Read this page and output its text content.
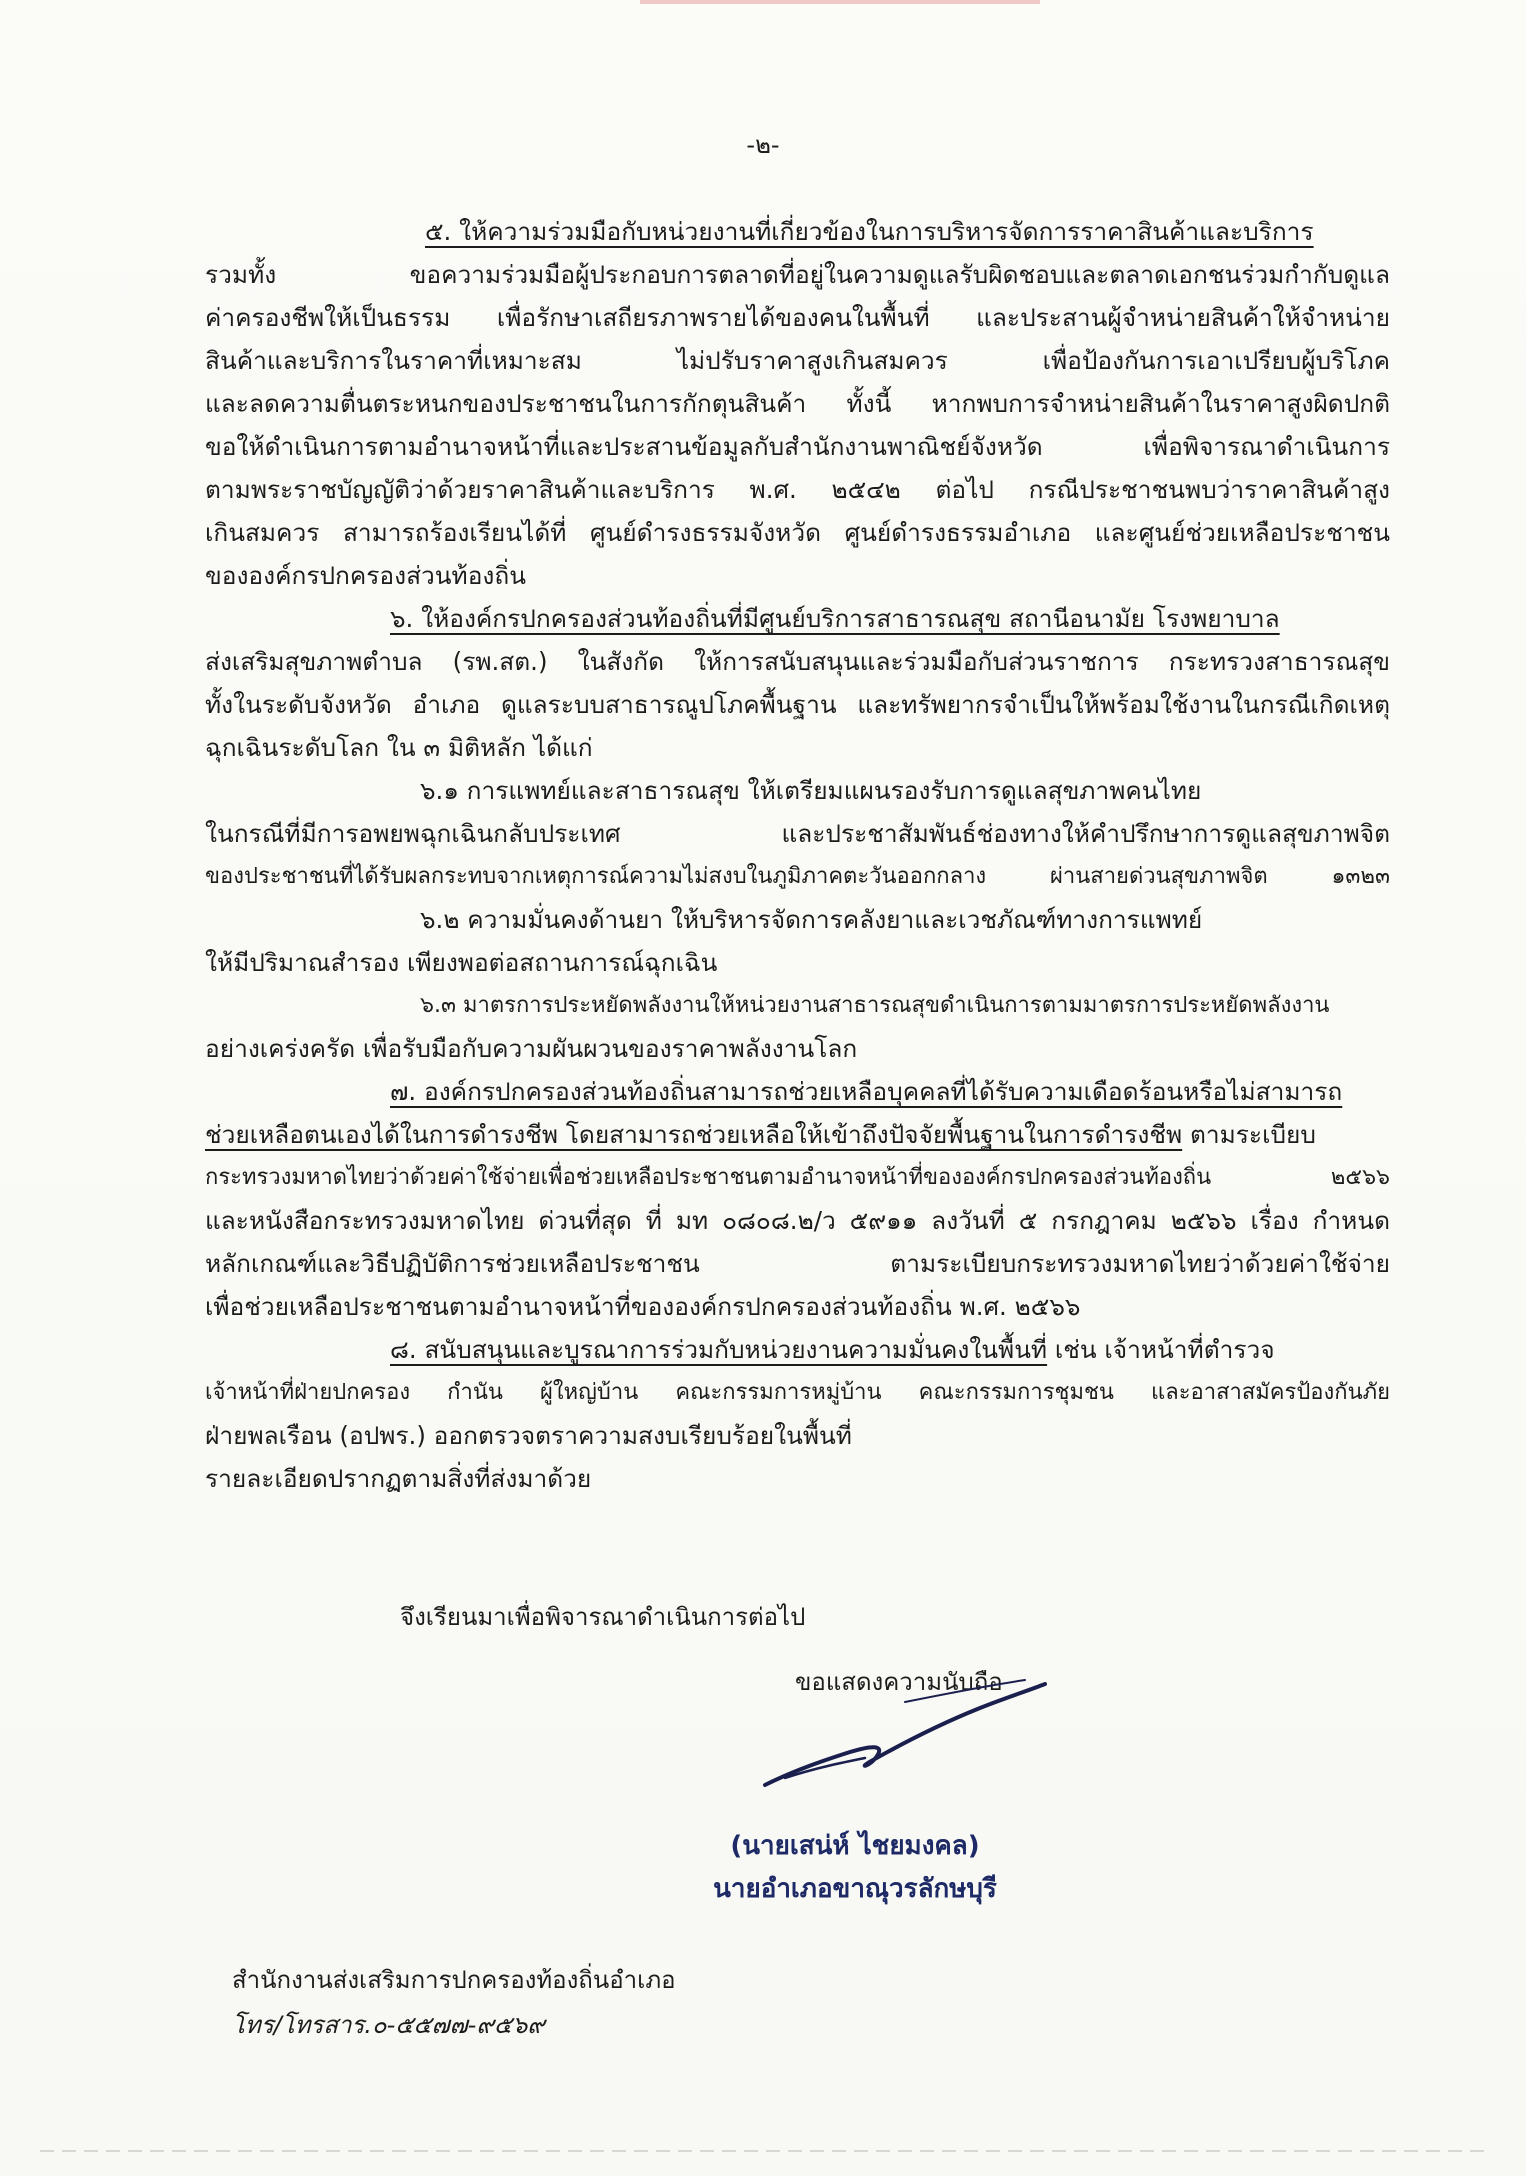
-๒-
๕. ให้ความร่วมมือกับหน่วยงานที่เกี่ยวข้องในการบริหารจัดการราคาสินค้าและบริการ
รวมทั้ง ขอความร่วมมือผู้ประกอบการตลาดที่อยู่ในความดูแลรับผิดชอบและตลาดเอกชนร่วมกำกับดูแล
ค่าครองชีพให้เป็นธรรม เพื่อรักษาเสถียรภาพรายได้ของคนในพื้นที่ และประสานผู้จำหน่ายสินค้าให้จำหน่าย
สินค้าและบริการในราคาที่เหมาะสม ไม่ปรับราคาสูงเกินสมควร เพื่อป้องกันการเอาเปรียบผู้บริโภค
และลดความตื่นตระหนกของประชาชนในการกักตุนสินค้า ทั้งนี้ หากพบการจำหน่ายสินค้าในราคาสูงผิดปกติ
ขอให้ดำเนินการตามอำนาจหน้าที่และประสานข้อมูลกับสำนักงานพาณิชย์จังหวัด เพื่อพิจารณาดำเนินการ
ตามพระราชบัญญัติว่าด้วยราคาสินค้าและบริการ พ.ศ. ๒๕๔๒ ต่อไป กรณีประชาชนพบว่าราคาสินค้าสูง
เกินสมควร สามารถร้องเรียนได้ที่ ศูนย์ดำรงธรรมจังหวัด ศูนย์ดำรงธรรมอำเภอ และศูนย์ช่วยเหลือประชาชน
ขององค์กรปกครองส่วนท้องถิ่น
๖. ให้องค์กรปกครองส่วนท้องถิ่นที่มีศูนย์บริการสาธารณสุข สถานีอนามัย โรงพยาบาล
ส่งเสริมสุขภาพตำบล (รพ.สต.) ในสังกัด ให้การสนับสนุนและร่วมมือกับส่วนราชการ กระทรวงสาธารณสุข
ทั้งในระดับจังหวัด อำเภอ ดูแลระบบสาธารณูปโภคพื้นฐาน และทรัพยากรจำเป็นให้พร้อมใช้งานในกรณีเกิดเหตุ
ฉุกเฉินระดับโลก ใน ๓ มิติหลัก ได้แก่
๖.๑ การแพทย์และสาธารณสุข ให้เตรียมแผนรองรับการดูแลสุขภาพคนไทย
ในกรณีที่มีการอพยพฉุกเฉินกลับประเทศ และประชาสัมพันธ์ช่องทางให้คำปรึกษาการดูแลสุขภาพจิต
ของประชาชนที่ได้รับผลกระทบจากเหตุการณ์ความไม่สงบในภูมิภาคตะวันออกกลาง ผ่านสายด่วนสุขภาพจิต ๑๓๒๓
๖.๒ ความมั่นคงด้านยา ให้บริหารจัดการคลังยาและเวชภัณฑ์ทางการแพทย์
ให้มีปริมาณสำรอง เพียงพอต่อสถานการณ์ฉุกเฉิน
๖.๓ มาตรการประหยัดพลังงานให้หน่วยงานสาธารณสุขดำเนินการตามมาตรการประหยัดพลังงาน
อย่างเคร่งครัด เพื่อรับมือกับความผันผวนของราคาพลังงานโลก
๗. องค์กรปกครองส่วนท้องถิ่นสามารถช่วยเหลือบุคคลที่ได้รับความเดือดร้อนหรือไม่สามารถ
ช่วยเหลือตนเองได้ในการดำรงชีพ โดยสามารถช่วยเหลือให้เข้าถึงปัจจัยพื้นฐานในการดำรงชีพ ตามระเบียบ
กระทรวงมหาดไทยว่าด้วยค่าใช้จ่ายเพื่อช่วยเหลือประชาชนตามอำนาจหน้าที่ขององค์กรปกครองส่วนท้องถิ่น ๒๕๖๖
และหนังสือกระทรวงมหาดไทย ด่วนที่สุด ที่ มท ๐๘๐๘.๒/ว ๕๙๑๑ ลงวันที่ ๕ กรกฎาคม ๒๕๖๖ เรื่อง กำหนด
หลักเกณฑ์และวิธีปฏิบัติการช่วยเหลือประชาชน ตามระเบียบกระทรวงมหาดไทยว่าด้วยค่าใช้จ่าย
เพื่อช่วยเหลือประชาชนตามอำนาจหน้าที่ขององค์กรปกครองส่วนท้องถิ่น พ.ศ. ๒๕๖๖
๘. สนับสนุนและบูรณาการร่วมกับหน่วยงานความมั่นคงในพื้นที่ เช่น เจ้าหน้าที่ตำรวจ
เจ้าหน้าที่ฝ่ายปกครอง กำนัน ผู้ใหญ่บ้าน คณะกรรมการหมู่บ้าน คณะกรรมการชุมชน และอาสาสมัครป้องกันภัย
ฝ่ายพลเรือน (อปพร.) ออกตรวจตราความสงบเรียบร้อยในพื้นที่
รายละเอียดปรากฏตามสิ่งที่ส่งมาด้วย
จึงเรียนมาเพื่อพิจารณาดำเนินการต่อไป
ขอแสดงความนับถือ
(นายเสน่ห์ ไชยมงคล)
นายอำเภอขาณุวรลักษบุรี
สำนักงานส่งเสริมการปกครองท้องถิ่นอำเภอ
โทร/โทรสาร.๐-๕๕๗๗-๙๕๖๙
